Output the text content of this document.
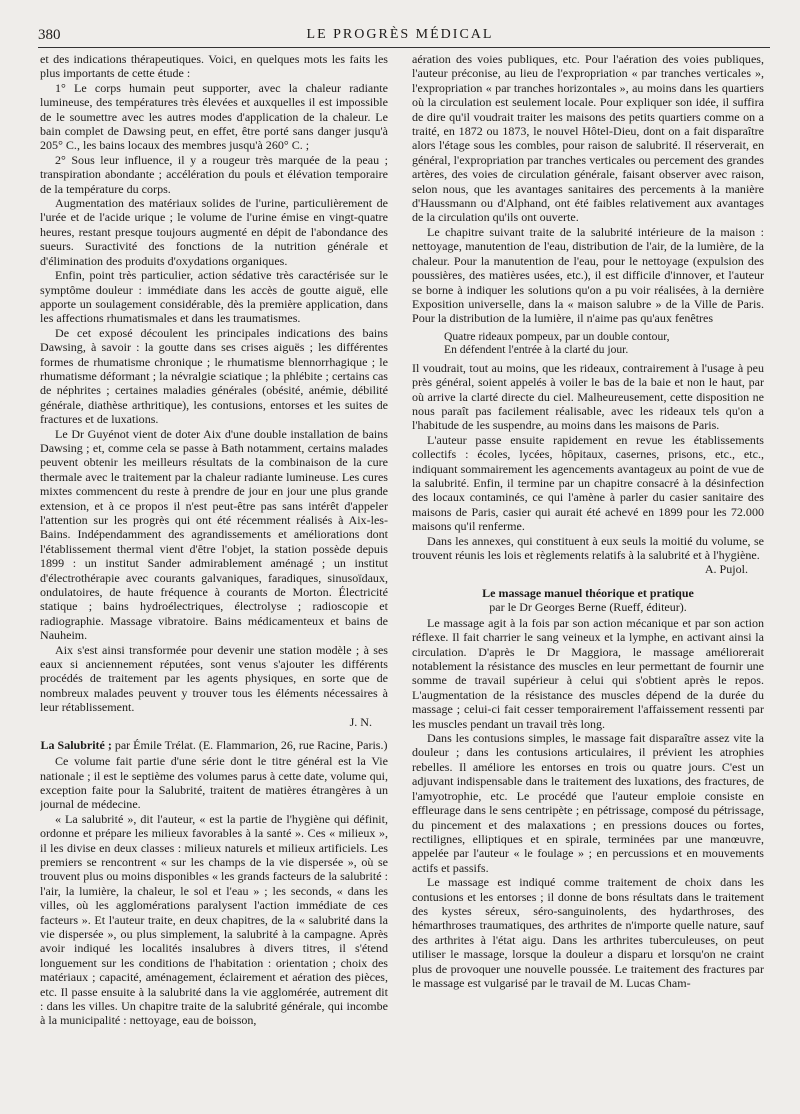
380	LE PROGRÈS MÉDICAL

et des indications thérapeutiques. Voici, en quelques mots les faits les plus importants de cette étude :

1° Le corps humain peut supporter, avec la chaleur radiante lumineuse, des températures très élevées et auxquelles il est impossible de le soumettre avec les autres modes d'application de la chaleur. Le bain complet de Dawsing peut, en effet, être porté sans danger jusqu'à 205° C., les bains locaux des membres jusqu'à 260° C. ;

2° Sous leur influence, il y a rougeur très marquée de la peau ; transpiration abondante ; accélération du pouls et élévation temporaire de la température du corps.

Augmentation des matériaux solides de l'urine, particulièrement de l'urée et de l'acide urique ; le volume de l'urine émise en vingt-quatre heures, restant presque toujours augmenté en dépit de l'abondance des sueurs. Suractivité des fonctions de la nutrition générale et d'élimination des produits d'oxydations organiques.

Enfin, point très particulier, action sédative très caractérisée sur le symptôme douleur : immédiate dans les accès de goutte aiguë, elle apporte un soulagement considérable, dès la première application, dans les affections rhumatismales et dans les traumatismes.

De cet exposé découlent les principales indications des bains Dawsing, à savoir : la goutte dans ses crises aiguës ; les différentes formes de rhumatisme chronique ; le rhumatisme blennorrhagique ; le rhumatisme déformant ; la névralgie sciatique ; la phlébite ; certains cas de néphrites ; certaines maladies générales (obésité, anémie, débilité générale, diathèse arthritique), les contusions, entorses et les suites de fractures et de luxations.

Le Dr Guyénot vient de doter Aix d'une double installation de bains Dawsing ; et, comme cela se passe à Bath notamment, certains malades peuvent obtenir les meilleurs résultats de la combinaison de la cure thermale avec le traitement par la chaleur radiante lumineuse. Les cures mixtes commencent du reste à prendre de jour en jour une plus grande extension, et à ce propos il n'est peut-être pas sans intérêt d'appeler l'attention sur les progrès qui ont été récemment réalisés à Aix-les-Bains. Indépendamment des agrandissements et améliorations dont l'établissement thermal vient d'être l'objet, la station possède depuis 1899 : un institut Sander admirablement aménagé ; un institut d'électrothérapie avec courants galvaniques, faradiques, sinusoïdaux, ondulatoires, de haute fréquence à courants de Morton. Électricité statique ; bains hydroélectriques, électrolyse ; radioscopie et radiographie. Massage vibratoire. Bains médicamenteux et bains de Nauheim.

Aix s'est ainsi transformée pour devenir une station modèle ; à ses eaux si anciennement réputées, sont venus s'ajouter les différents procédés de traitement par les agents physiques, en sorte que de nombreux malades peuvent y trouver tous les éléments nécessaires à leur rétablissement.

J. N.
La Salubrité ; par Émile Trélat. (E. Flammarion, 26, rue Racine, Paris.)

Ce volume fait partie d'une série dont le titre général est la Vie nationale ; il est le septième des volumes parus à cette date, volume qui, exception faite pour la Salubrité, traitent de matières étrangères à un journal de médecine.

« La salubrité », dit l'auteur, « est la partie de l'hygiène qui définit, ordonne et prépare les milieux favorables à la santé ». Ces « milieux », il les divise en deux classes : milieux naturels et milieux artificiels. Les premiers se rencontrent « sur les champs de la vie dispersée », où se trouvent plus ou moins disponibles « les grands facteurs de la salubrité : l'air, la lumière, la chaleur, le sol et l'eau » ; les seconds, « dans les villes, où les agglomérations paralysent l'action immédiate de ces facteurs ». Et l'auteur traite, en deux chapitres, de la « salubrité dans la vie dispersée », ou plus simplement, la salubrité à la campagne. Après avoir indiqué les localités insalubres à divers titres, il s'étend longuement sur les conditions de l'habitation : orientation ; choix des matériaux ; capacité, aménagement, éclairement et aération des pièces, etc. Il passe ensuite à la salubrité dans la vie agglomérée, autrement dit : dans les villes. Un chapitre traite de la salubrité générale, qui incombe à la municipalité : nettoyage, eau de boisson,

aération des voies publiques, etc. Pour l'aération des voies publiques, l'auteur préconise, au lieu de l'expropriation « par tranches verticales », l'expropriation « par tranches horizontales », au moins dans les quartiers où la circulation est seulement locale. Pour expliquer son idée, il suffira de dire qu'il voudrait traiter les maisons des petits quartiers comme on a traité, en 1872 ou 1873, le nouvel Hôtel-Dieu, dont on a fait disparaître alors l'étage sous les combles, pour raison de salubrité. Il réserverait, en général, l'expropriation par tranches verticales ou percement des grandes artères, des voies de circulation générale, faisant observer avec raison, selon nous, que les avantages sanitaires des percements à la manière d'Haussmann ou d'Alphand, ont été faibles relativement aux avantages de la circulation qu'ils ont ouverte.

Le chapitre suivant traite de la salubrité intérieure de la maison : nettoyage, manutention de l'eau, distribution de l'air, de la lumière, de la chaleur. Pour la manutention de l'eau, pour le nettoyage (expulsion des poussières, des matières usées, etc.), il est difficile d'innover, et l'auteur se borne à indiquer les solutions qu'on a pu voir réalisées, à la dernière Exposition universelle, dans la « maison salubre » de la Ville de Paris. Pour la distribution de la lumière, il n'aime pas qu'aux fenêtres

Quatre rideaux pompeux, par un double contour,
En défendent l'entrée à la clarté du jour.

Il voudrait, tout au moins, que les rideaux, contrairement à l'usage à peu près général, soient appelés à voiler le bas de la baie et non le haut, par où arrive la clarté directe du ciel. Malheureusement, cette disposition ne nous paraît pas facilement réalisable, avec les rideaux tels qu'on a l'habitude de les suspendre, au moins dans les maisons de Paris.

L'auteur passe ensuite rapidement en revue les établissements collectifs : écoles, lycées, hôpitaux, casernes, prisons, etc., etc., indiquant sommairement les agencements avantageux au point de vue de la salubrité. Enfin, il termine par un chapitre consacré à la désinfection des locaux contaminés, ce qui l'amène à parler du casier sanitaire des maisons de Paris, casier qui aurait été achevé en 1899 pour les 72.000 maisons qu'il renferme.

Dans les annexes, qui constituent à eux seuls la moitié du volume, se trouvent réunis les lois et règlements relatifs à la salubrité et à l'hygiène.

A. Pujol.
Le massage manuel théorique et pratique
par le Dr Georges Berne (Rueff, éditeur).

Le massage agit à la fois par son action mécanique et par son action réflexe. Il fait charrier le sang veineux et la lymphe, en activant ainsi la circulation. D'après le Dr Maggiora, le massage améliorerait notablement la résistance des muscles en leur permettant de fournir une somme de travail supérieur à celui qui s'obtient après le repos. L'augmentation de la résistance des muscles dépend de la durée du massage ; celui-ci fait cesser temporairement l'affaissement ressenti par les muscles pendant un travail très long.

Dans les contusions simples, le massage fait disparaître assez vite la douleur ; dans les contusions articulaires, il prévient les atrophies rebelles. Il améliore les entorses en trois ou quatre jours. C'est un adjuvant indispensable dans le traitement des luxations, des fractures, de l'amyotrophie, etc. Le procédé que l'auteur emploie consiste en effleurage dans le sens centripète ; en pétrissage, composé du pétrissage, du pincement et des malaxations ; en pressions douces ou fortes, rectilignes, elliptiques et en spirale, terminées par une manœuvre, appelée par l'auteur « le foulage » ; en percussions et en mouvements actifs et passifs.

Le massage est indiqué comme traitement de choix dans les contusions et les entorses ; il donne de bons résultats dans le traitement des kystes séreux, séro-sanguinolents, des hydarthroses, des hémarthroses traumatiques, des arthrites de n'importe quelle nature, sauf des arthrites à l'état aigu. Dans les arthrites tuberculeuses, on peut utiliser le massage, lorsque la douleur a disparu et lorsqu'on ne craint plus de provoquer une nouvelle poussée. Le traitement des fractures par le massage est vulgarisé par le travail de M. Lucas Cham-
